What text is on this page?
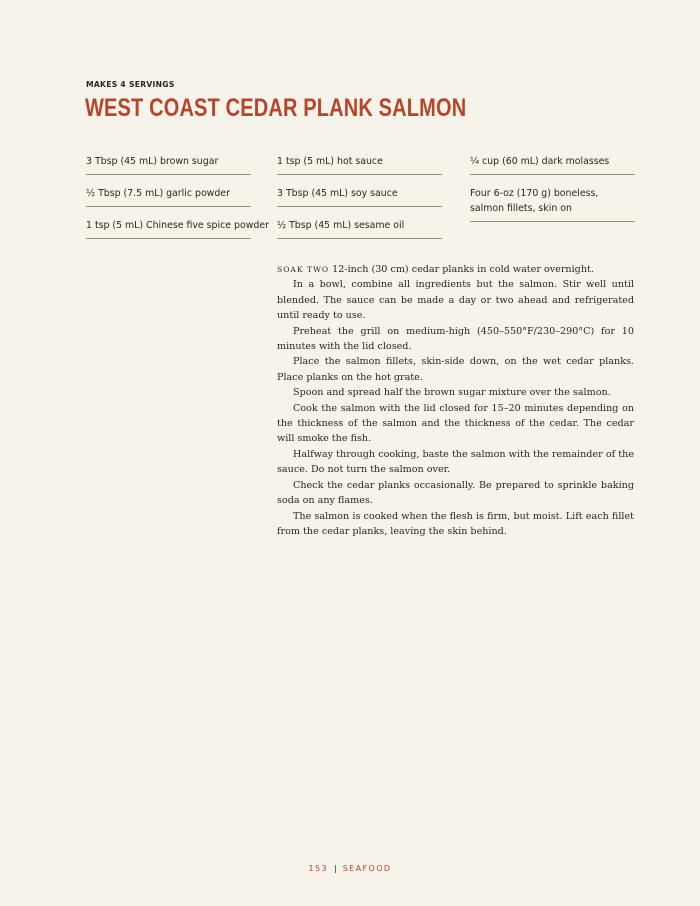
MAKES 4 SERVINGS
WEST COAST CEDAR PLANK SALMON
3 Tbsp (45 mL) brown sugar
½ Tbsp (7.5 mL) garlic powder
1 tsp (5 mL) Chinese five spice powder
1 tsp (5 mL) hot sauce
3 Tbsp (45 mL) soy sauce
½ Tbsp (45 mL) sesame oil
¼ cup (60 mL) dark molasses
Four 6-oz (170 g) boneless, salmon fillets, skin on

SOAK TWO 12-inch (30 cm) cedar planks in cold water overnight.

In a bowl, combine all ingredients but the salmon. Stir well until blended. The sauce can be made a day or two ahead and refrigerated until ready to use.

Preheat the grill on medium-high (450–550°F/230–290°C) for 10 minutes with the lid closed.

Place the salmon fillets, skin-side down, on the wet cedar planks. Place planks on the hot grate.

Spoon and spread half the brown sugar mixture over the salmon.

Cook the salmon with the lid closed for 15–20 minutes depending on the thickness of the salmon and the thickness of the cedar. The cedar will smoke the fish.

Halfway through cooking, baste the salmon with the remainder of the sauce. Do not turn the salmon over.

Check the cedar planks occasionally. Be prepared to sprinkle baking soda on any flames.

The salmon is cooked when the flesh is firm, but moist. Lift each fillet from the cedar planks, leaving the skin behind.

153 | SEAFOOD
